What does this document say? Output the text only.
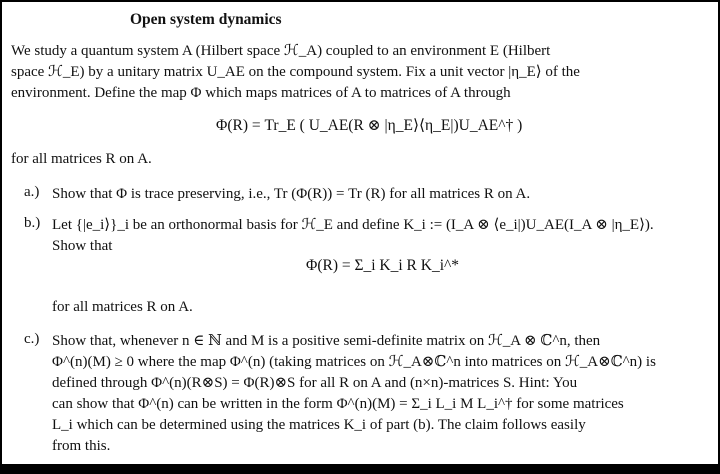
Open system dynamics
We study a quantum system A (Hilbert space ℋ_A) coupled to an environment E (Hilbert
space ℋ_E) by a unitary matrix U_AE on the compound system. Fix a unit vector |η_E⟩ of the
environment. Define the map Φ which maps matrices of A to matrices of A through
Φ(R) = Tr_E ( U_AE(R ⊗ |η_E⟩⟨η_E|)U_AE^† )
for all matrices R on A.
a.) Show that Φ is trace preserving, i.e., Tr (Φ(R)) = Tr (R) for all matrices R on A.
b.) Let {|e_i⟩}_i be an orthonormal basis for ℋ_E and define K_i := (I_A ⊗ ⟨e_i|)U_AE(I_A ⊗ |η_E⟩).
Show that
Φ(R) = Σ_i K_i R K_i^*
for all matrices R on A.
c.) Show that, whenever n ∈ ℕ and M is a positive semi-definite matrix on ℋ_A ⊗ ℂ^n, then
Φ^(n)(M) ≥ 0 where the map Φ^(n) (taking matrices on ℋ_A⊗ℂ^n into matrices on ℋ_A⊗ℂ^n) is
defined through Φ^(n)(R⊗S) = Φ(R)⊗S for all R on A and (n×n)-matrices S. Hint: You
can show that Φ^(n) can be written in the form Φ^(n)(M) = Σ_i L_i M L_i^† for some matrices
L_i which can be determined using the matrices K_i of part (b). The claim follows easily
from this.
